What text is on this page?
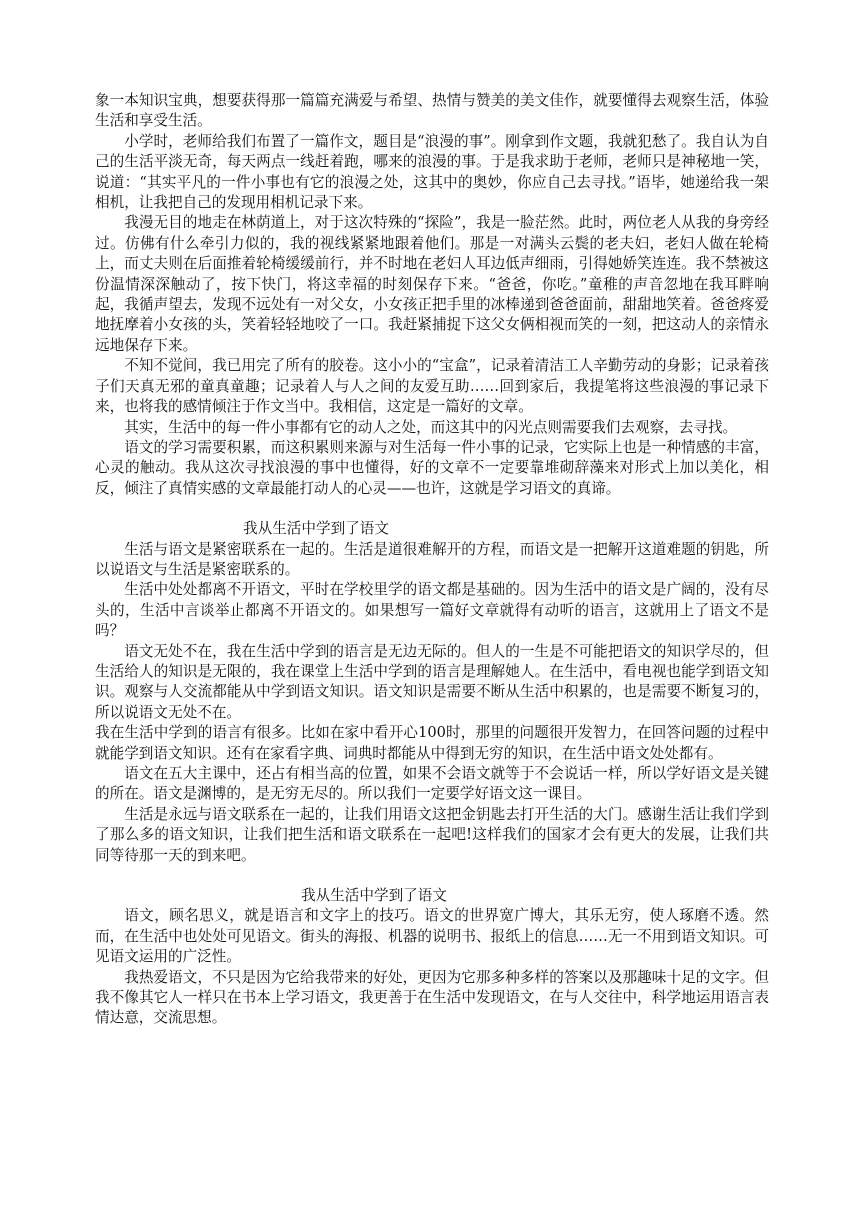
象一本知识宝典，想要获得那一篇篇充满爱与希望、热情与赞美的美文佳作，就要懂得去观察生活，体验生活和享受生活。

小学时，老师给我们布置了一篇作文，题目是“浪漫的事”。刚拿到作文题，我就犯愁了。我自认为自己的生活平淡无奇，每天两点一线赶着跑，哪来的浪漫的事。于是我求助于老师，老师只是神秘地一笑，说道：“其实平凡的一件小事也有它的浪漫之处，这其中的奥妙，你应自己去寻找。”语毕，她递给我一架相机，让我把自己的发现用相机记录下来。

我漫无目的地走在林荫道上，对于这次特殊的“探险”，我是一脸茫然。此时，两位老人从我的身旁经过。仿佛有什么牵引力似的，我的视线紧紧地跟着他们。那是一对满头云鬓的老夫妇，老妇人做在轮椅上，而丈夫则在后面推着轮椅缓缓前行，并不时地在老妇人耳边低声细雨，引得她娇笑连连。我不禁被这份温情深深触动了，按下快门，将这幸福的时刻保存下来。“爸爸，你吃。”童稚的声音忽地在我耳畔响起，我循声望去，发现不远处有一对父女，小女孩正把手里的冰棒递到爸爸面前，甜甜地笑着。爸爸疼爱地抚摩着小女孩的头，笑着轻轻地咬了一口。我赶紧捕捉下这父女俩相视而笑的一刻，把这动人的亲情永远地保存下来。

不知不觉间，我已用完了所有的胶卷。这小小的“宝盒”，记录着清洁工人辛勤劳动的身影；记录着孩子们天真无邪的童真童趣；记录着人与人之间的友爱互助……回到家后，我提笔将这些浪漫的事记录下来，也将我的感情倾注于作文当中。我相信，这定是一篇好的文章。

其实，生活中的每一件小事都有它的动人之处，而这其中的闪光点则需要我们去观察，去寻找。

语文的学习需要积累，而这积累则来源与对生活每一件小事的记录，它实际上也是一种情感的丰富，心灵的触动。我从这次寻找浪漫的事中也懂得，好的文章不一定要靠堆砌辞藻来对形式上加以美化，相反，倾注了真情实感的文章最能打动人的心灵——也许，这就是学习语文的真谛。

我从生活中学到了语文

生活与语文是紧密联系在一起的。生活是道很难解开的方程，而语文是一把解开这道难题的钥匙，所以说语文与生活是紧密联系的。

生活中处处都离不开语文，平时在学校里学的语文都是基础的。因为生活中的语文是广阔的，没有尽头的，生活中言谈举止都离不开语文的。如果想写一篇好文章就得有动听的语言，这就用上了语文不是吗？

语文无处不在，我在生活中学到的语言是无边无际的。但人的一生是不可能把语文的知识学尽的，但生活给人的知识是无限的，我在课堂上生活中学到的语言是理解她人。在生活中，看电视也能学到语文知识。观察与人交流都能从中学到语文知识。语文知识是需要不断从生活中积累的，也是需要不断复习的，所以说语文无处不在。

我在生活中学到的语言有很多。比如在家中看开心100时，那里的问题很开发智力，在回答问题的过程中就能学到语文知识。还有在家看字典、词典时都能从中得到无穷的知识，在生活中语文处处都有。

语文在五大主课中，还占有相当高的位置，如果不会语文就等于不会说话一样，所以学好语文是关键的所在。语文是渊博的，是无穷无尽的。所以我们一定要学好语文这一课目。

生活是永远与语文联系在一起的，让我们用语文这把金钥匙去打开生活的大门。感谢生活让我们学到了那么多的语文知识，让我们把生活和语文联系在一起吧!这样我们的国家才会有更大的发展，让我们共同等待那一天的到来吧。

我从生活中学到了语文

语文，顾名思义，就是语言和文字上的技巧。语文的世界宽广博大，其乐无穷，使人琢磨不透。然而，在生活中也处处可见语文。街头的海报、机器的说明书、报纸上的信息……无一不用到语文知识。可见语文运用的广泛性。

我热爱语文，不只是因为它给我带来的好处，更因为它那多种多样的答案以及那趣味十足的文字。但我不像其它人一样只在书本上学习语文，我更善于在生活中发现语文，在与人交往中，科学地运用语言表情达意，交流思想。
